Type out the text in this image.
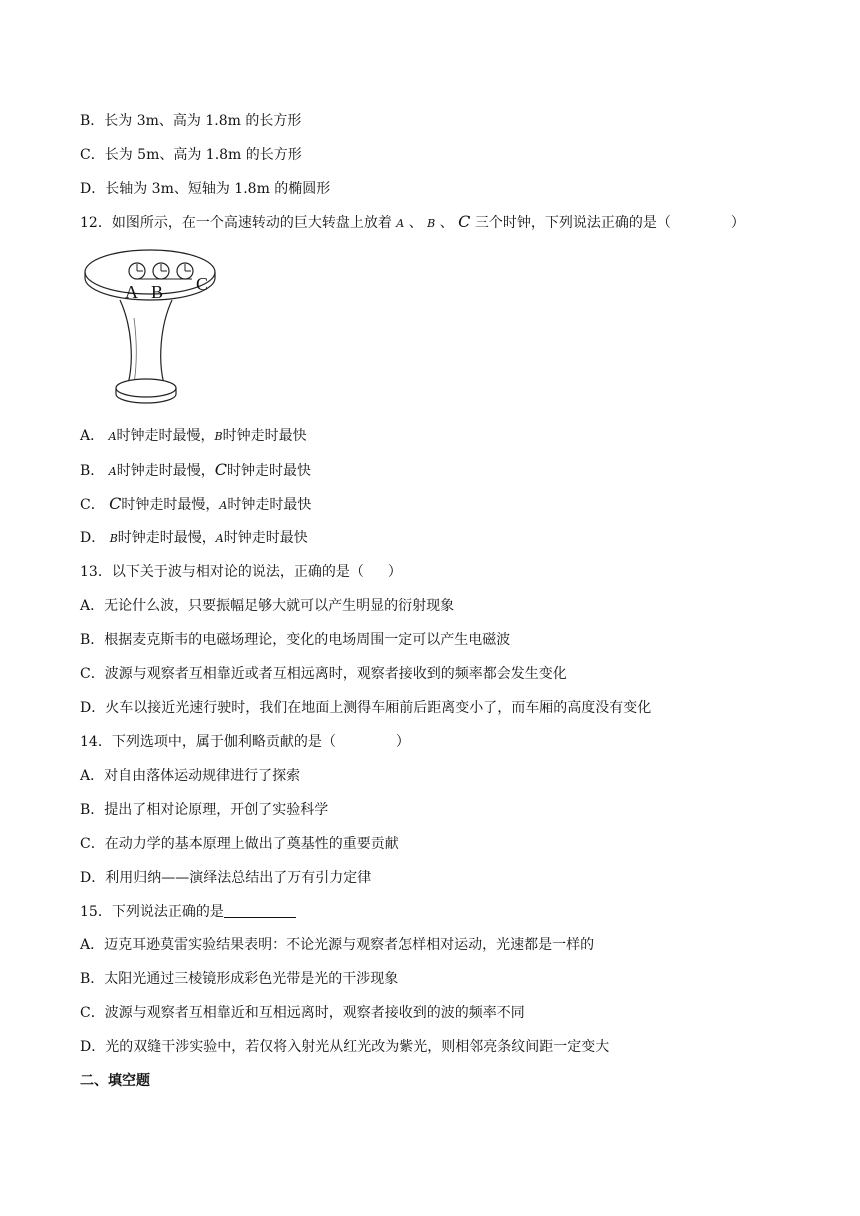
B．长为 3m、高为 1.8m 的长方形
C．长为 5m、高为 1.8m 的长方形
D．长轴为 3m、短轴为 1.8m 的椭圆形
12．如图所示，在一个高速转动的巨大转盘上放着 A 、 B 、 C 三个时钟，下列说法正确的是（	）
A B C
A． A时钟走时最慢，B时钟走时最快
B． A时钟走时最慢，C时钟走时最快
C． C时钟走时最慢，A时钟走时最快
D． B时钟走时最慢，A时钟走时最快
13．以下关于波与相对论的说法，正确的是（ ）
A．无论什么波，只要振幅足够大就可以产生明显的衍射现象
B．根据麦克斯韦的电磁场理论，变化的电场周围一定可以产生电磁波
C．波源与观察者互相靠近或者互相远离时，观察者接收到的频率都会发生变化
D．火车以接近光速行驶时，我们在地面上测得车厢前后距离变小了，而车厢的高度没有变化
14．下列选项中，属于伽利略贡献的是（	）
A．对自由落体运动规律进行了探索
B．提出了相对论原理，开创了实验科学
C．在动力学的基本原理上做出了奠基性的重要贡献
D．利用归纳——演绎法总结出了万有引力定律
15．下列说法正确的是
A．迈克耳逊莫雷实验结果表明：不论光源与观察者怎样相对运动，光速都是一样的
B．太阳光通过三棱镜形成彩色光带是光的干涉现象
C．波源与观察者互相靠近和互相远离时，观察者接收到的波的频率不同
D．光的双缝干涉实验中，若仅将入射光从红光改为紫光，则相邻亮条纹间距一定变大
二、填空题
